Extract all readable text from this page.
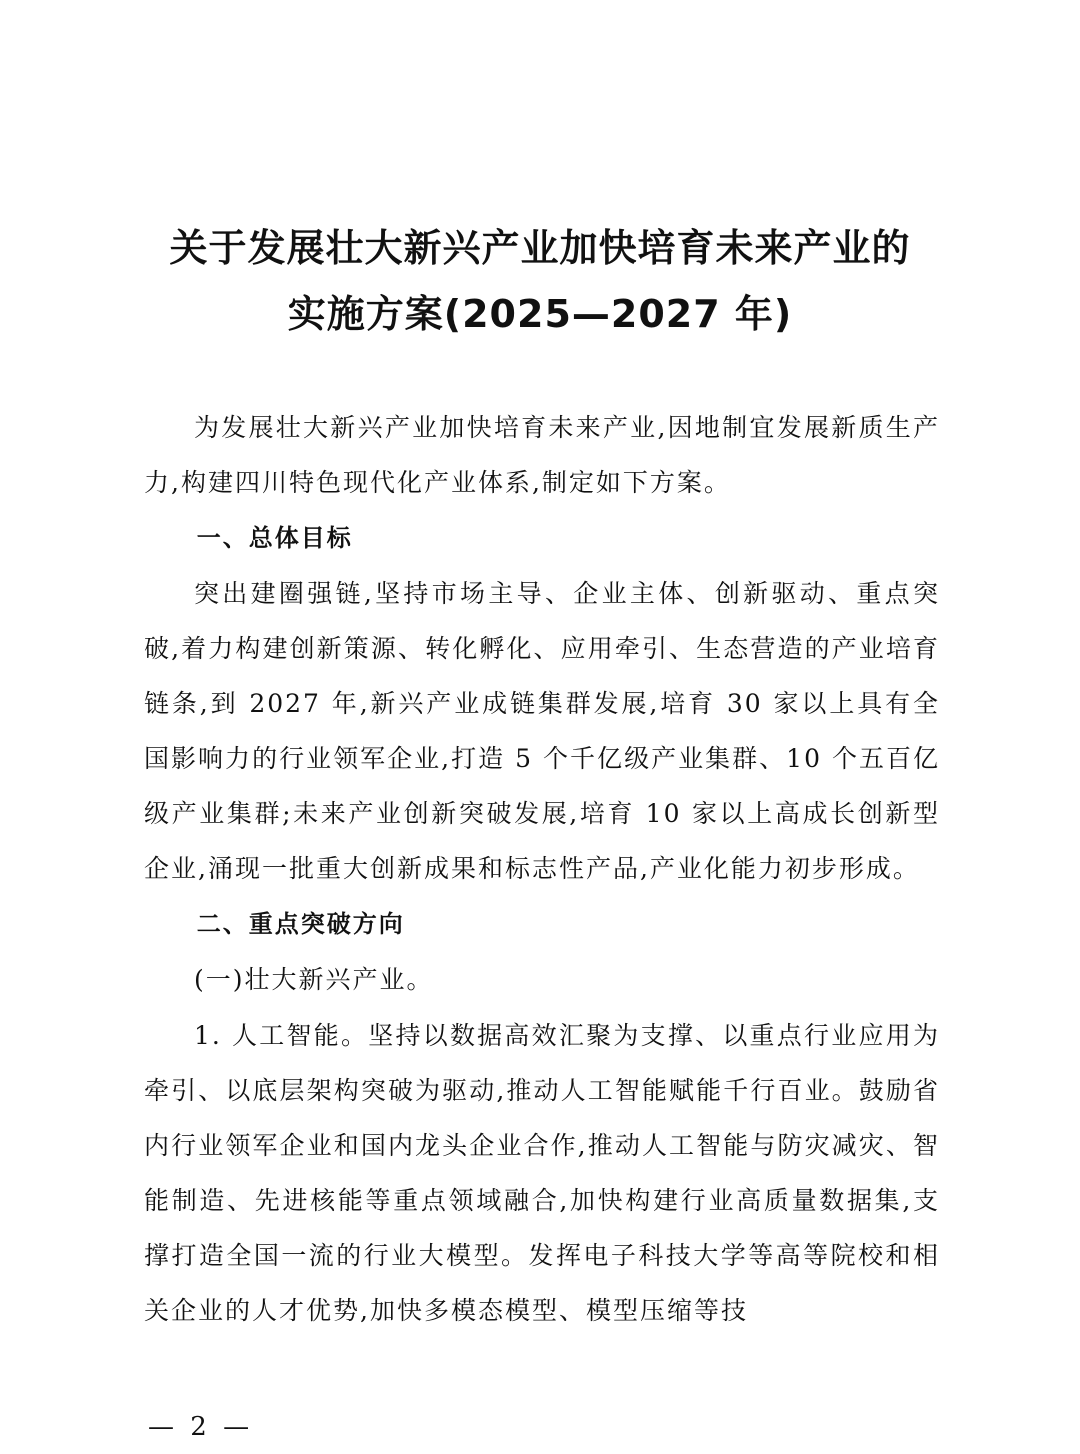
关于发展壮大新兴产业加快培育未来产业的
实施方案(2025—2027 年)

为发展壮大新兴产业加快培育未来产业,因地制宜发展新质生产力,构建四川特色现代化产业体系,制定如下方案。

一、总体目标

突出建圈强链,坚持市场主导、企业主体、创新驱动、重点突破,着力构建创新策源、转化孵化、应用牵引、生态营造的产业培育链条,到 2027 年,新兴产业成链集群发展,培育 30 家以上具有全国影响力的行业领军企业,打造 5 个千亿级产业集群、10 个五百亿级产业集群;未来产业创新突破发展,培育 10 家以上高成长创新型企业,涌现一批重大创新成果和标志性产品,产业化能力初步形成。

二、重点突破方向

(一)壮大新兴产业。

1. 人工智能。坚持以数据高效汇聚为支撑、以重点行业应用为牵引、以底层架构突破为驱动,推动人工智能赋能千行百业。鼓励省内行业领军企业和国内龙头企业合作,推动人工智能与防灾减灾、智能制造、先进核能等重点领域融合,加快构建行业高质量数据集,支撑打造全国一流的行业大模型。发挥电子科技大学等高等院校和相关企业的人才优势,加快多模态模型、模型压缩等技

— 2 —
